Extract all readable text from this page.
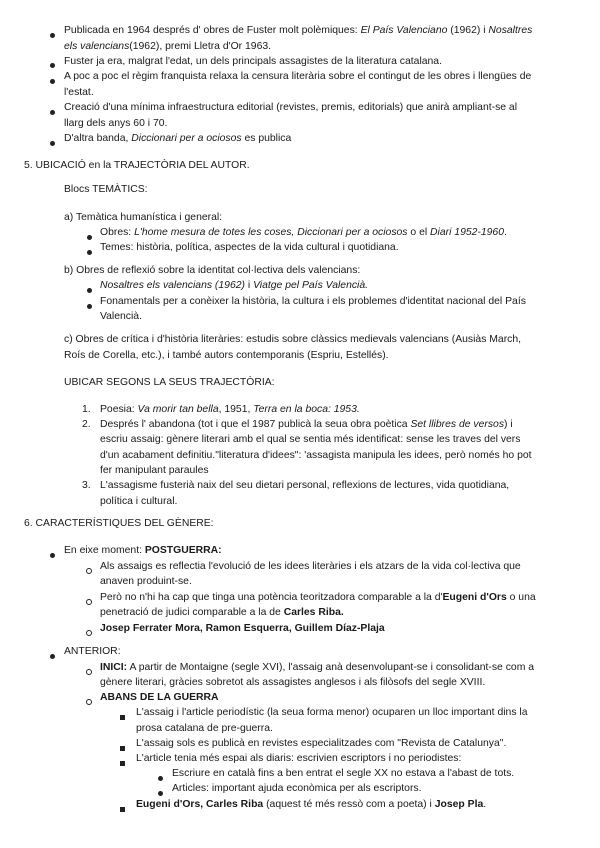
Publicada en 1964 després d' obres de Fuster molt polèmiques: El País Valenciano (1962) i Nosaltres
els valencians(1962), premi Lletra d'Or 1963.
Fuster ja era, malgrat l'edat, un dels principals assagistes de la literatura catalana.
A poc a poc el règim franquista relaxa la censura literària sobre el contingut de les obres i llengües de
l'estat.
Creació d'una mínima infraestructura editorial (revistes, premis, editorials) que anirà ampliant-se al
llarg dels anys 60 i 70.
D'altra banda, Diccionari per a ociosos es publica
5. UBICACIÓ en la TRAJECTÒRIA DEL AUTOR.
Blocs TEMÀTICS:
a) Temàtica humanística i general:
Obres: L'home mesura de totes les coses, Diccionari per a ociosos o el Diari 1952-1960.
Temes: història, política, aspectes de la vida cultural i quotidiana.
b) Obres de reflexió sobre la identitat col·lectiva dels valencians:
Nosaltres els valencians (1962) i Viatge pel País Valencià.
Fonamentals per a conèixer la història, la cultura i els problemes d'identitat nacional del País
Valencià.
c) Obres de crítica i d'història literàries: estudis sobre clàssics medievals valencians (Ausiàs March,
Roís de Corella, etc.), i també autors contemporanis (Espriu, Estellés).
UBICAR SEGONS LA SEUS TRAJECTÒRIA:
1. Poesia: Va morir tan bella, 1951, Terra en la boca: 1953.
2. Després l' abandona (tot i que el 1987 publicà la seua obra poètica Set llibres de versos) i
escriu assaig: gènere literari amb el qual se sentia més identificat: sense les traves del vers
d'un acabament definitiu."literatura d'idees": 'assagista manipula les idees, però només ho pot
fer manipulant paraules
3. L'assagisme fusterià naix del seu dietari personal, reflexions de lectures, vida quotidiana,
política i cultural.
6. CARACTERÍSTIQUES DEL GÈNERE:
En eixe moment: POSTGUERRA:
Als assaigs es reflectia l'evolució de les idees literàries i els atzars de la vida col·lectiva que
anaven produint-se.
Però no n'hi ha cap que tinga una potència teoritzadora comparable a la d'Eugeni d'Ors o una
penetració de judici comparable a la de Carles Riba.
Josep Ferrater Mora, Ramon Esquerra, Guillem Díaz-Plaja
ANTERIOR:
INICI: A partir de Montaigne (segle XVI), l'assaig anà desenvolupant-se i consolidant-se com a
gènere literari, gràcies sobretot als assagistes anglesos i als filòsofs del segle XVIII.
ABANS DE LA GUERRA
L'assaig i l'article periodístic (la seua forma menor) ocuparen un lloc important dins la
prosa catalana de pre-guerra.
L'assaig sols es publicà en revistes especialitzades com "Revista de Catalunya".
L'article tenia més espai als diaris: escrivien escriptors i no periodistes:
Escriure en català fins a ben entrat el segle XX no estava a l'abast de tots.
Articles: important ajuda econòmica per als escriptors.
Eugeni d'Ors, Carles Riba (aquest té més ressò com a poeta) i Josep Pla.
